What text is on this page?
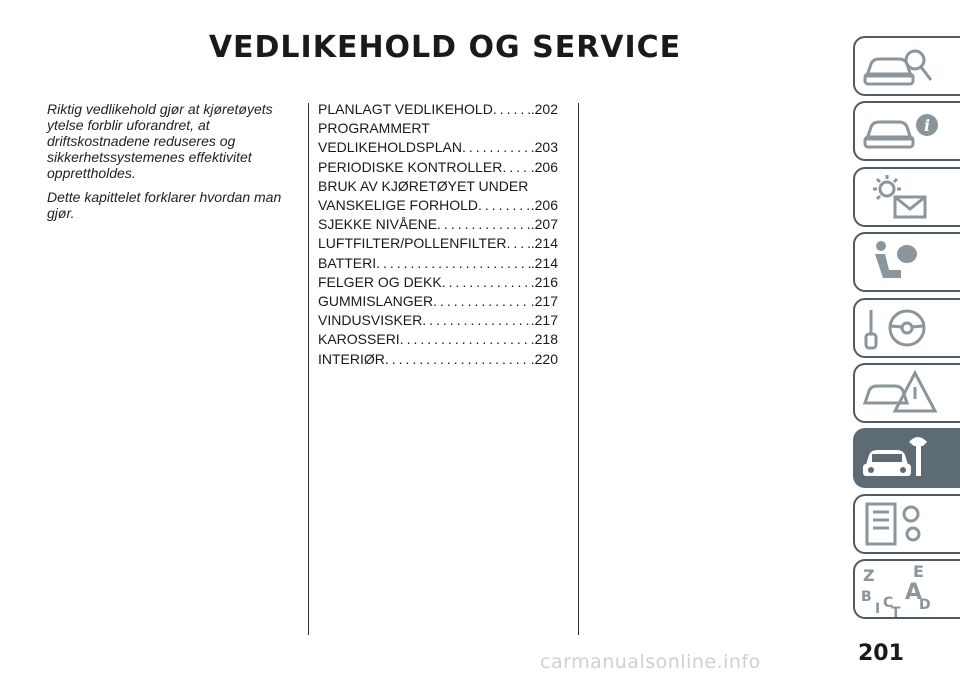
VEDLIKEHOLD OG SERVICE

Riktig vedlikehold gjør at kjøretøyets ytelse forblir uforandret, at driftskostnadene reduseres og sikkerhetssystemenes effektivitet opprettholdes.

Dette kapittelet forklarer hvordan man gjør.

PLANLAGT VEDLIKEHOLD .....	.202
PROGRAMMERT
VEDLIKEHOLDSPLAN .....	.203
PERIODISKE KONTROLLER ..... .206
BRUK AV KJØRETØYET UNDER
VANSKELIGE FORHOLD .....	.206
SJEKKE NIVÅENE .....	.207
LUFTFILTER/POLLENFILTER ..... .214
BATTERI .....	.214
FELGER OG DEKK .....	.216
GUMMISLANGER .....	.217
VINDUSVISKER .....	.217
KAROSSERI .....	.218
INTERIØR .....	.220
i
Z E
B A
C D
T
I
201
carmanualsonline.info
